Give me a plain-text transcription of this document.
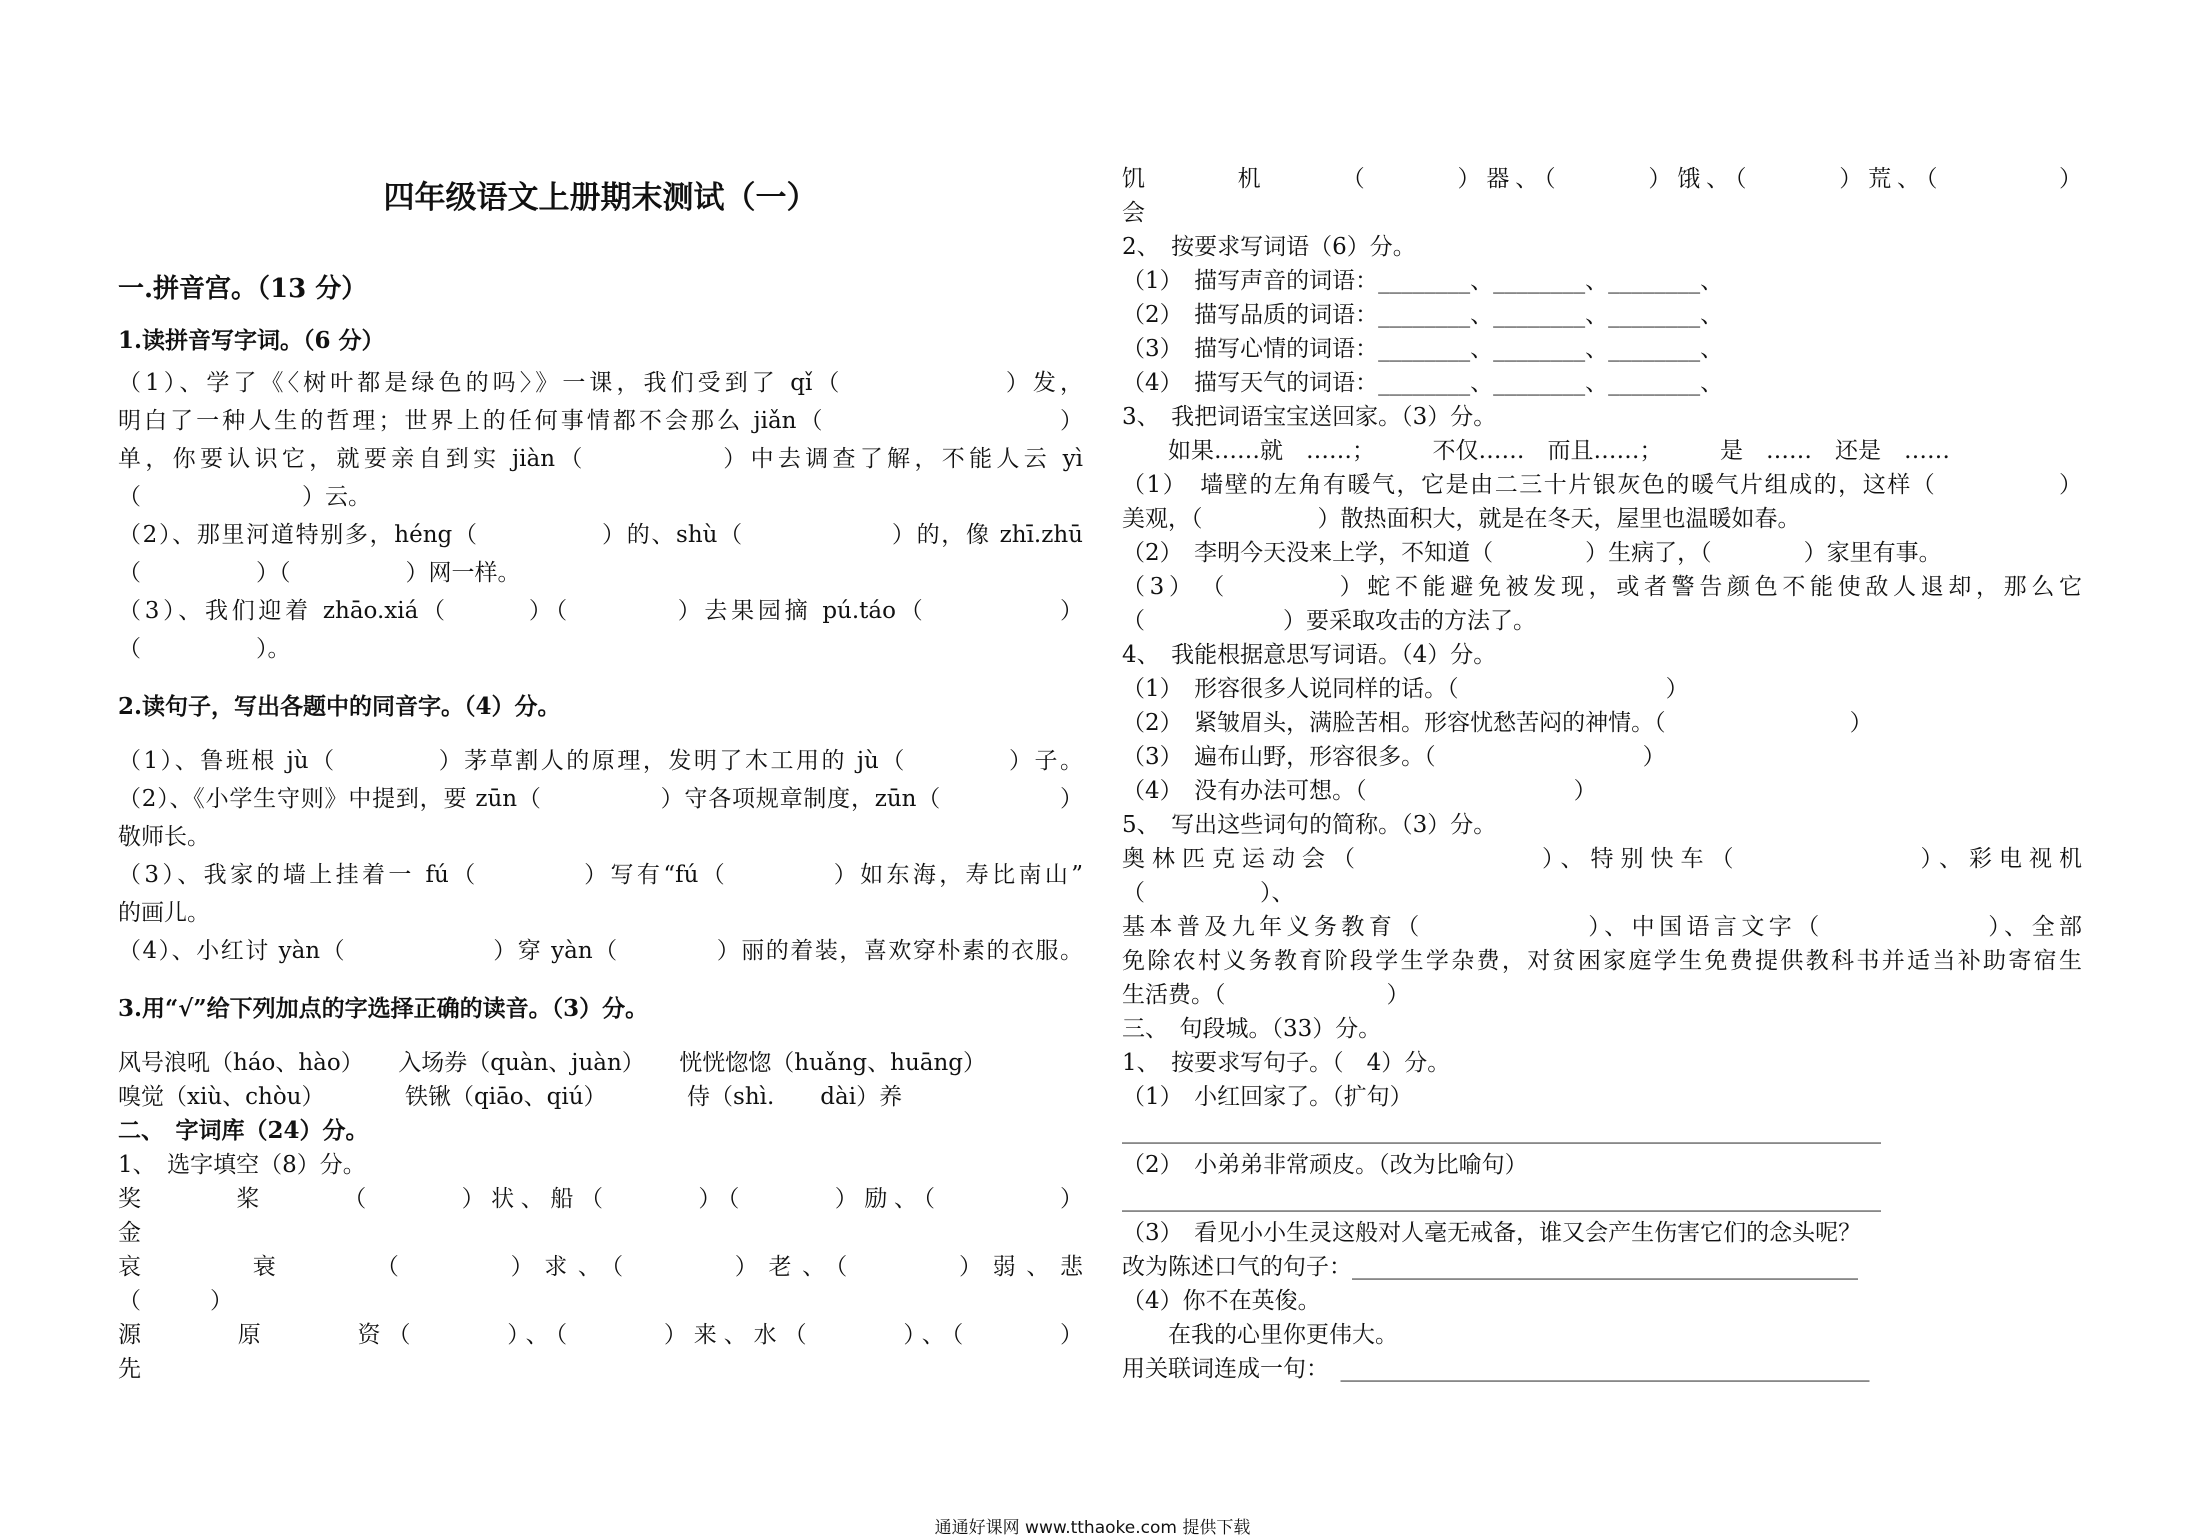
四年级语文上册期末测试（一）
一.拼音宫。（13 分）
1.读拼音写字词。（6 分）
（1）、学了《〈树叶都是绿色的吗〉》一课，我们受到了 qǐ（　　　　　　）发，
明白了一种人生的哲理；世界上的任何事情都不会那么 jiǎn（　　　　　　　　　）
单，你要认识它，就要亲自到实 jiàn（　　　　　）中去调查了解，不能人云 yì
（　　　　　　　）云。
（2）、那里河道特别多，héng（　　　　　）的、shù（　　　　　　）的，像 zhī.zhū
（　　　　　）（　　　　　）网一样。
（3）、我们迎着 zhāo.xiá（　　　）（　　　　）去果园摘 pú.táo（　　　　　）
（　　　　　）。
2.读句子，写出各题中的同音字。（4）分。
（1）、鲁班根 jù（　　　　）茅草割人的原理，发明了木工用的 jù（　　　　）子。
（2）、《小学生守则》中提到，要 zūn（　　　　　）守各项规章制度，zūn（　　　　　）
敬师长。
（3）、我家的墙上挂着一 fú（　　　　）写有“fú（　　　　）如东海，寿比南山”
的画儿。
（4）、小红讨 yàn（　　　　　　）穿 yàn（　　　　）丽的着装，喜欢穿朴素的衣服。
3.用“√”给下列加点的字选择正确的读音。（3）分。
风号浪吼（háo、hào）　　入场券（quàn、juàn）　　恍恍惚惚（huǎng、huāng）
嗅觉（xiù、chòu）　　　　铁锹（qiāo、qiú）　　　　侍（shì.　　dài）养
二、　字词库（24）分。
1、　选字填空（8）分。
奖　　　桨　　　（　　　）状、船（　　　）（　　　）励、（　　　　）
金
哀　　　衰　　　（　　　）求、（　　　）老、（　　　）弱、悲
（　　　）
源　　　原　　　资（　　　）、（　　　）来、水（　　　）、（　　　）
先
饥　　　机　　　（　　　）器、（　　　）饿、（　　　）荒、（　　　　）
会
2、　按要求写词语（6）分。
（1）　描写声音的词语：________、________、________、
（2）　描写品质的词语：________、________、________、
（3）　描写心情的词语：________、________、________、
（4）　描写天气的词语：________、________、________、
3、　我把词语宝宝送回家。（3）分。
　　如果……就　……；　　　不仅……　而且……；　　　是　……　还是　……
（1）　墙壁的左角有暖气，它是由二三十片银灰色的暖气片组成的，这样（　　　　　）
美观，（　　　　　）散热面积大，就是在冬天，屋里也温暖如春。
（2）　李明今天没来上学，不知道（　　　　）生病了，（　　　　）家里有事。
（3）　（　　　　）蛇不能避免被发现，或者警告颜色不能使敌人退却，那么它
（　　　　　　）要采取攻击的方法了。
4、　我能根据意思写词语。（4）分。
（1）　形容很多人说同样的话。（　　　　　　　　　）
（2）　紧皱眉头，满脸苦相。形容忧愁苦闷的神情。（　　　　　　　　）
（3）　遍布山野，形容很多。（　　　　　　　　　）
（4）　没有办法可想。（　　　　　　　　　）
5、　写出这些词句的简称。（3）分。
奥林匹克运动会（　　　　　　）、特别快车（　　　　　　）、彩电视机
（　　　　　）、
基本普及九年义务教育（　　　　　　）、中国语言文字（　　　　　　）、全部
免除农村义务教育阶段学生学杂费，对贫困家庭学生免费提供教科书并适当补助寄宿生
生活费。（　　　　　　　）
三、　句段城。（33）分。
1、　按要求写句子。（　4）分。
（1）　小红回家了。（扩句）
__________________________________________________________________
（2）　小弟弟非常顽皮。（改为比喻句）
__________________________________________________________________
（3）　看见小小生灵这般对人毫无戒备，谁又会产生伤害它们的念头呢？
改为陈述口气的句子：____________________________________________
（4）你不在英俊。
　　在我的心里你更伟大。
用关联词连成一句：　______________________________________________
通通好课网 www.tthaoke.com 提供下载
